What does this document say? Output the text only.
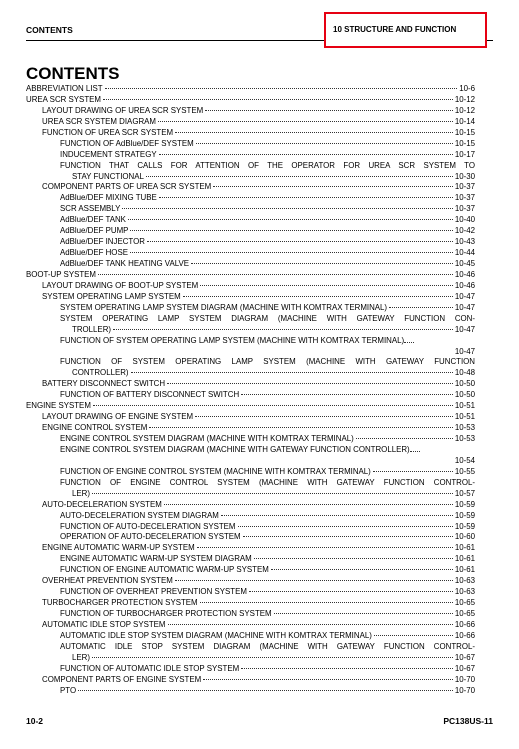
CONTENTS	10 STRUCTURE AND FUNCTION
CONTENTS
ABBREVIATION LIST	10-6
UREA SCR SYSTEM	10-12
LAYOUT DRAWING OF UREA SCR SYSTEM	10-12
UREA SCR SYSTEM DIAGRAM	10-14
FUNCTION OF UREA SCR SYSTEM	10-15
FUNCTION OF AdBlue/DEF SYSTEM	10-15
INDUCEMENT STRATEGY	10-17
FUNCTION THAT CALLS FOR ATTENTION OF THE OPERATOR FOR UREA SCR SYSTEM TO
STAY FUNCTIONAL	10-30
COMPONENT PARTS OF UREA SCR SYSTEM	10-37
AdBlue/DEF MIXING TUBE	10-37
SCR ASSEMBLY	10-37
AdBlue/DEF TANK	10-40
AdBlue/DEF PUMP	10-42
AdBlue/DEF INJECTOR	10-43
AdBlue/DEF HOSE	10-44
AdBlue/DEF TANK HEATING VALVE	10-45
BOOT-UP SYSTEM	10-46
LAYOUT DRAWING OF BOOT-UP SYSTEM	10-46
SYSTEM OPERATING LAMP SYSTEM	10-47
SYSTEM OPERATING LAMP SYSTEM DIAGRAM (MACHINE WITH KOMTRAX TERMINAL)	10-47
SYSTEM OPERATING LAMP SYSTEM DIAGRAM (MACHINE WITH GATEWAY FUNCTION CON-
TROLLER)	10-47
FUNCTION OF SYSTEM OPERATING LAMP SYSTEM (MACHINE WITH KOMTRAX TERMINAL)
10-47
FUNCTION OF SYSTEM OPERATING LAMP SYSTEM (MACHINE WITH GATEWAY FUNCTION
CONTROLLER)	10-48
BATTERY DISCONNECT SWITCH	10-50
FUNCTION OF BATTERY DISCONNECT SWITCH	10-50
ENGINE SYSTEM	10-51
LAYOUT DRAWING OF ENGINE SYSTEM	10-51
ENGINE CONTROL SYSTEM	10-53
ENGINE CONTROL SYSTEM DIAGRAM (MACHINE WITH KOMTRAX TERMINAL)	10-53
ENGINE CONTROL SYSTEM DIAGRAM (MACHINE WITH GATEWAY FUNCTION CONTROLLER)
10-54
FUNCTION OF ENGINE CONTROL SYSTEM (MACHINE WITH KOMTRAX TERMINAL)	10-55
FUNCTION OF ENGINE CONTROL SYSTEM (MACHINE WITH GATEWAY FUNCTION CONTROL-
LER)	10-57
AUTO-DECELERATION SYSTEM	10-59
AUTO-DECELERATION SYSTEM DIAGRAM	10-59
FUNCTION OF AUTO-DECELERATION SYSTEM	10-59
OPERATION OF AUTO-DECELERATION SYSTEM	10-60
ENGINE AUTOMATIC WARM-UP SYSTEM	10-61
ENGINE AUTOMATIC WARM-UP SYSTEM DIAGRAM	10-61
FUNCTION OF ENGINE AUTOMATIC WARM-UP SYSTEM	10-61
OVERHEAT PREVENTION SYSTEM	10-63
FUNCTION OF OVERHEAT PREVENTION SYSTEM	10-63
TURBOCHARGER PROTECTION SYSTEM	10-65
FUNCTION OF TURBOCHARGER PROTECTION SYSTEM	10-65
AUTOMATIC IDLE STOP SYSTEM	10-66
AUTOMATIC IDLE STOP SYSTEM DIAGRAM (MACHINE WITH KOMTRAX TERMINAL)	10-66
AUTOMATIC IDLE STOP SYSTEM DIAGRAM (MACHINE WITH GATEWAY FUNCTION CONTROL-
LER)	10-67
FUNCTION OF AUTOMATIC IDLE STOP SYSTEM	10-67
COMPONENT PARTS OF ENGINE SYSTEM	10-70
PTO	10-70
10-2	PC138US-11
